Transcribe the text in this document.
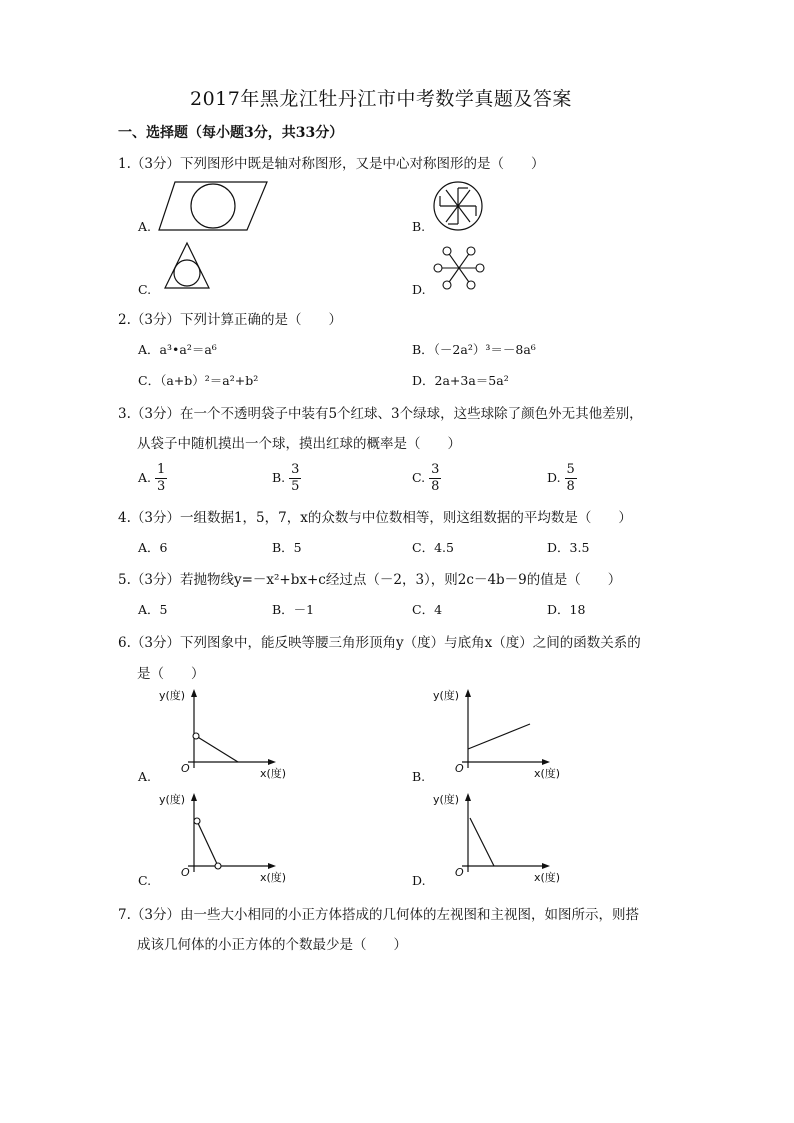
2017年黑龙江牡丹江市中考数学真题及答案
一、选择题（每小题3分，共33分）
1.（3分）下列图形中既是轴对称图形，又是中心对称图形的是（　　）
A.	B.
C.	D.
2.（3分）下列计算正确的是（　　）
A．a³•a²＝a⁶	B．（－2a²）³＝－8a⁶
C．（a+b）²＝a²+b²	D．2a+3a＝5a²
3.（3分）在一个不透明袋子中装有5个红球、3个绿球，这些球除了颜色外无其他差别，
从袋子中随机摸出一个球，摸出红球的概率是（　　）
A. $\frac{1}{3}$	B. $\frac{3}{5}$	C. $\frac{3}{8}$	D. $\frac{5}{8}$
4.（3分）一组数据1，5，7，x的众数与中位数相等，则这组数据的平均数是（　　）
A．6	B．5	C．4.5	D．3.5
5.（3分）若抛物线y=－x²+bx+c经过点（－2，3），则2c－4b－9的值是（　　）
A．5	B．－1	C．4	D．18
6.（3分）下列图象中，能反映等腰三角形顶角y（度）与底角x（度）之间的函数关系的
是（　　）
A.
y(度)
x(度)
O
B.
y(度)
x(度)
O
C.
y(度)
x(度)
O
D.
y(度)
x(度)
O
7.（3分）由一些大小相同的小正方体搭成的几何体的左视图和主视图，如图所示，则搭
成该几何体的小正方体的个数最少是（　　）
